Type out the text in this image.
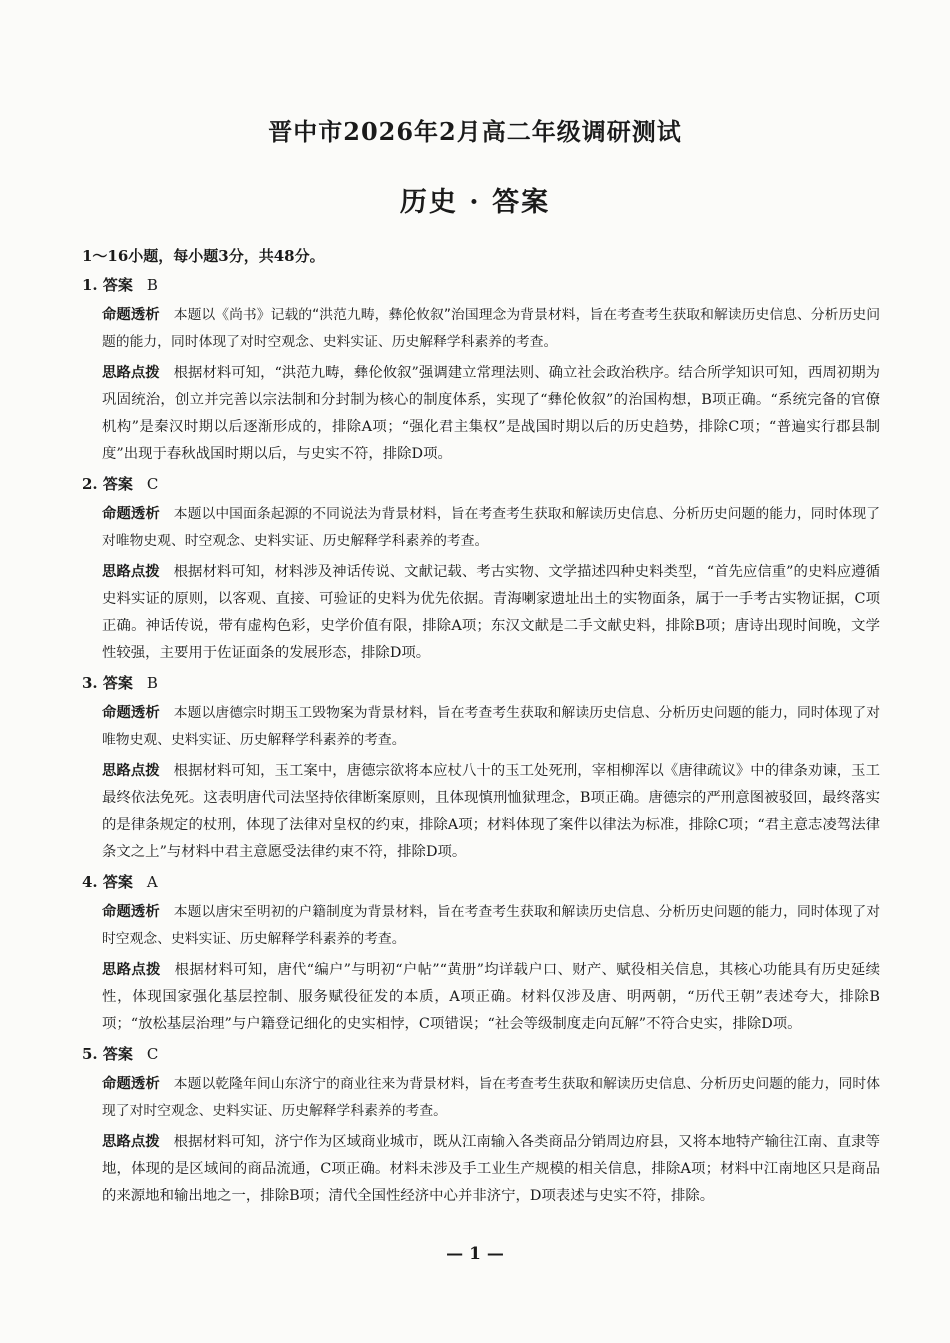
晋中市2026年2月高二年级调研测试
历史 · 答案

1～16小题，每小题3分，共48分。

1. 答案 B

命题透析 本题以《尚书》记载的“洪范九畴，彝伦攸叙”治国理念为背景材料，旨在考查考生获取和解读历史信息、分析历史问题的能力，同时体现了对时空观念、史料实证、历史解释学科素养的考查。

思路点拨 根据材料可知，“洪范九畴，彝伦攸叙”强调建立常理法则、确立社会政治秩序。结合所学知识可知，西周初期为巩固统治，创立并完善以宗法制和分封制为核心的制度体系，实现了“彝伦攸叙”的治国构想，B项正确。“系统完备的官僚机构”是秦汉时期以后逐渐形成的，排除A项；“强化君主集权”是战国时期以后的历史趋势，排除C项；“普遍实行郡县制度”出现于春秋战国时期以后，与史实不符，排除D项。

2. 答案 C

命题透析 本题以中国面条起源的不同说法为背景材料，旨在考查考生获取和解读历史信息、分析历史问题的能力，同时体现了对唯物史观、时空观念、史料实证、历史解释学科素养的考查。

思路点拨 根据材料可知，材料涉及神话传说、文献记载、考古实物、文学描述四种史料类型，“首先应信重”的史料应遵循史料实证的原则，以客观、直接、可验证的史料为优先依据。青海喇家遗址出土的实物面条，属于一手考古实物证据，C项正确。神话传说，带有虚构色彩，史学价值有限，排除A项；东汉文献是二手文献史料，排除B项；唐诗出现时间晚，文学性较强，主要用于佐证面条的发展形态，排除D项。

3. 答案 B

命题透析 本题以唐德宗时期玉工毁物案为背景材料，旨在考查考生获取和解读历史信息、分析历史问题的能力，同时体现了对唯物史观、史料实证、历史解释学科素养的考查。

思路点拨 根据材料可知，玉工案中，唐德宗欲将本应杖八十的玉工处死刑，宰相柳浑以《唐律疏议》中的律条劝谏，玉工最终依法免死。这表明唐代司法坚持依律断案原则，且体现慎刑恤狱理念，B项正确。唐德宗的严刑意图被驳回，最终落实的是律条规定的杖刑，体现了法律对皇权的约束，排除A项；材料体现了案件以律法为标准，排除C项；“君主意志凌驾法律条文之上”与材料中君主意愿受法律约束不符，排除D项。

4. 答案 A

命题透析 本题以唐宋至明初的户籍制度为背景材料，旨在考查考生获取和解读历史信息、分析历史问题的能力，同时体现了对时空观念、史料实证、历史解释学科素养的考查。

思路点拨 根据材料可知，唐代“编户”与明初“户帖”“黄册”均详载户口、财产、赋役相关信息，其核心功能具有历史延续性，体现国家强化基层控制、服务赋役征发的本质，A项正确。材料仅涉及唐、明两朝，“历代王朝”表述夸大，排除B项；“放松基层治理”与户籍登记细化的史实相悖，C项错误；“社会等级制度走向瓦解”不符合史实，排除D项。

5. 答案 C

命题透析 本题以乾隆年间山东济宁的商业往来为背景材料，旨在考查考生获取和解读历史信息、分析历史问题的能力，同时体现了对时空观念、史料实证、历史解释学科素养的考查。

思路点拨 根据材料可知，济宁作为区域商业城市，既从江南输入各类商品分销周边府县，又将本地特产输往江南、直隶等地，体现的是区域间的商品流通，C项正确。材料未涉及手工业生产规模的相关信息，排除A项；材料中江南地区只是商品的来源地和输出地之一，排除B项；清代全国性经济中心并非济宁，D项表述与史实不符，排除。

— 1 —
